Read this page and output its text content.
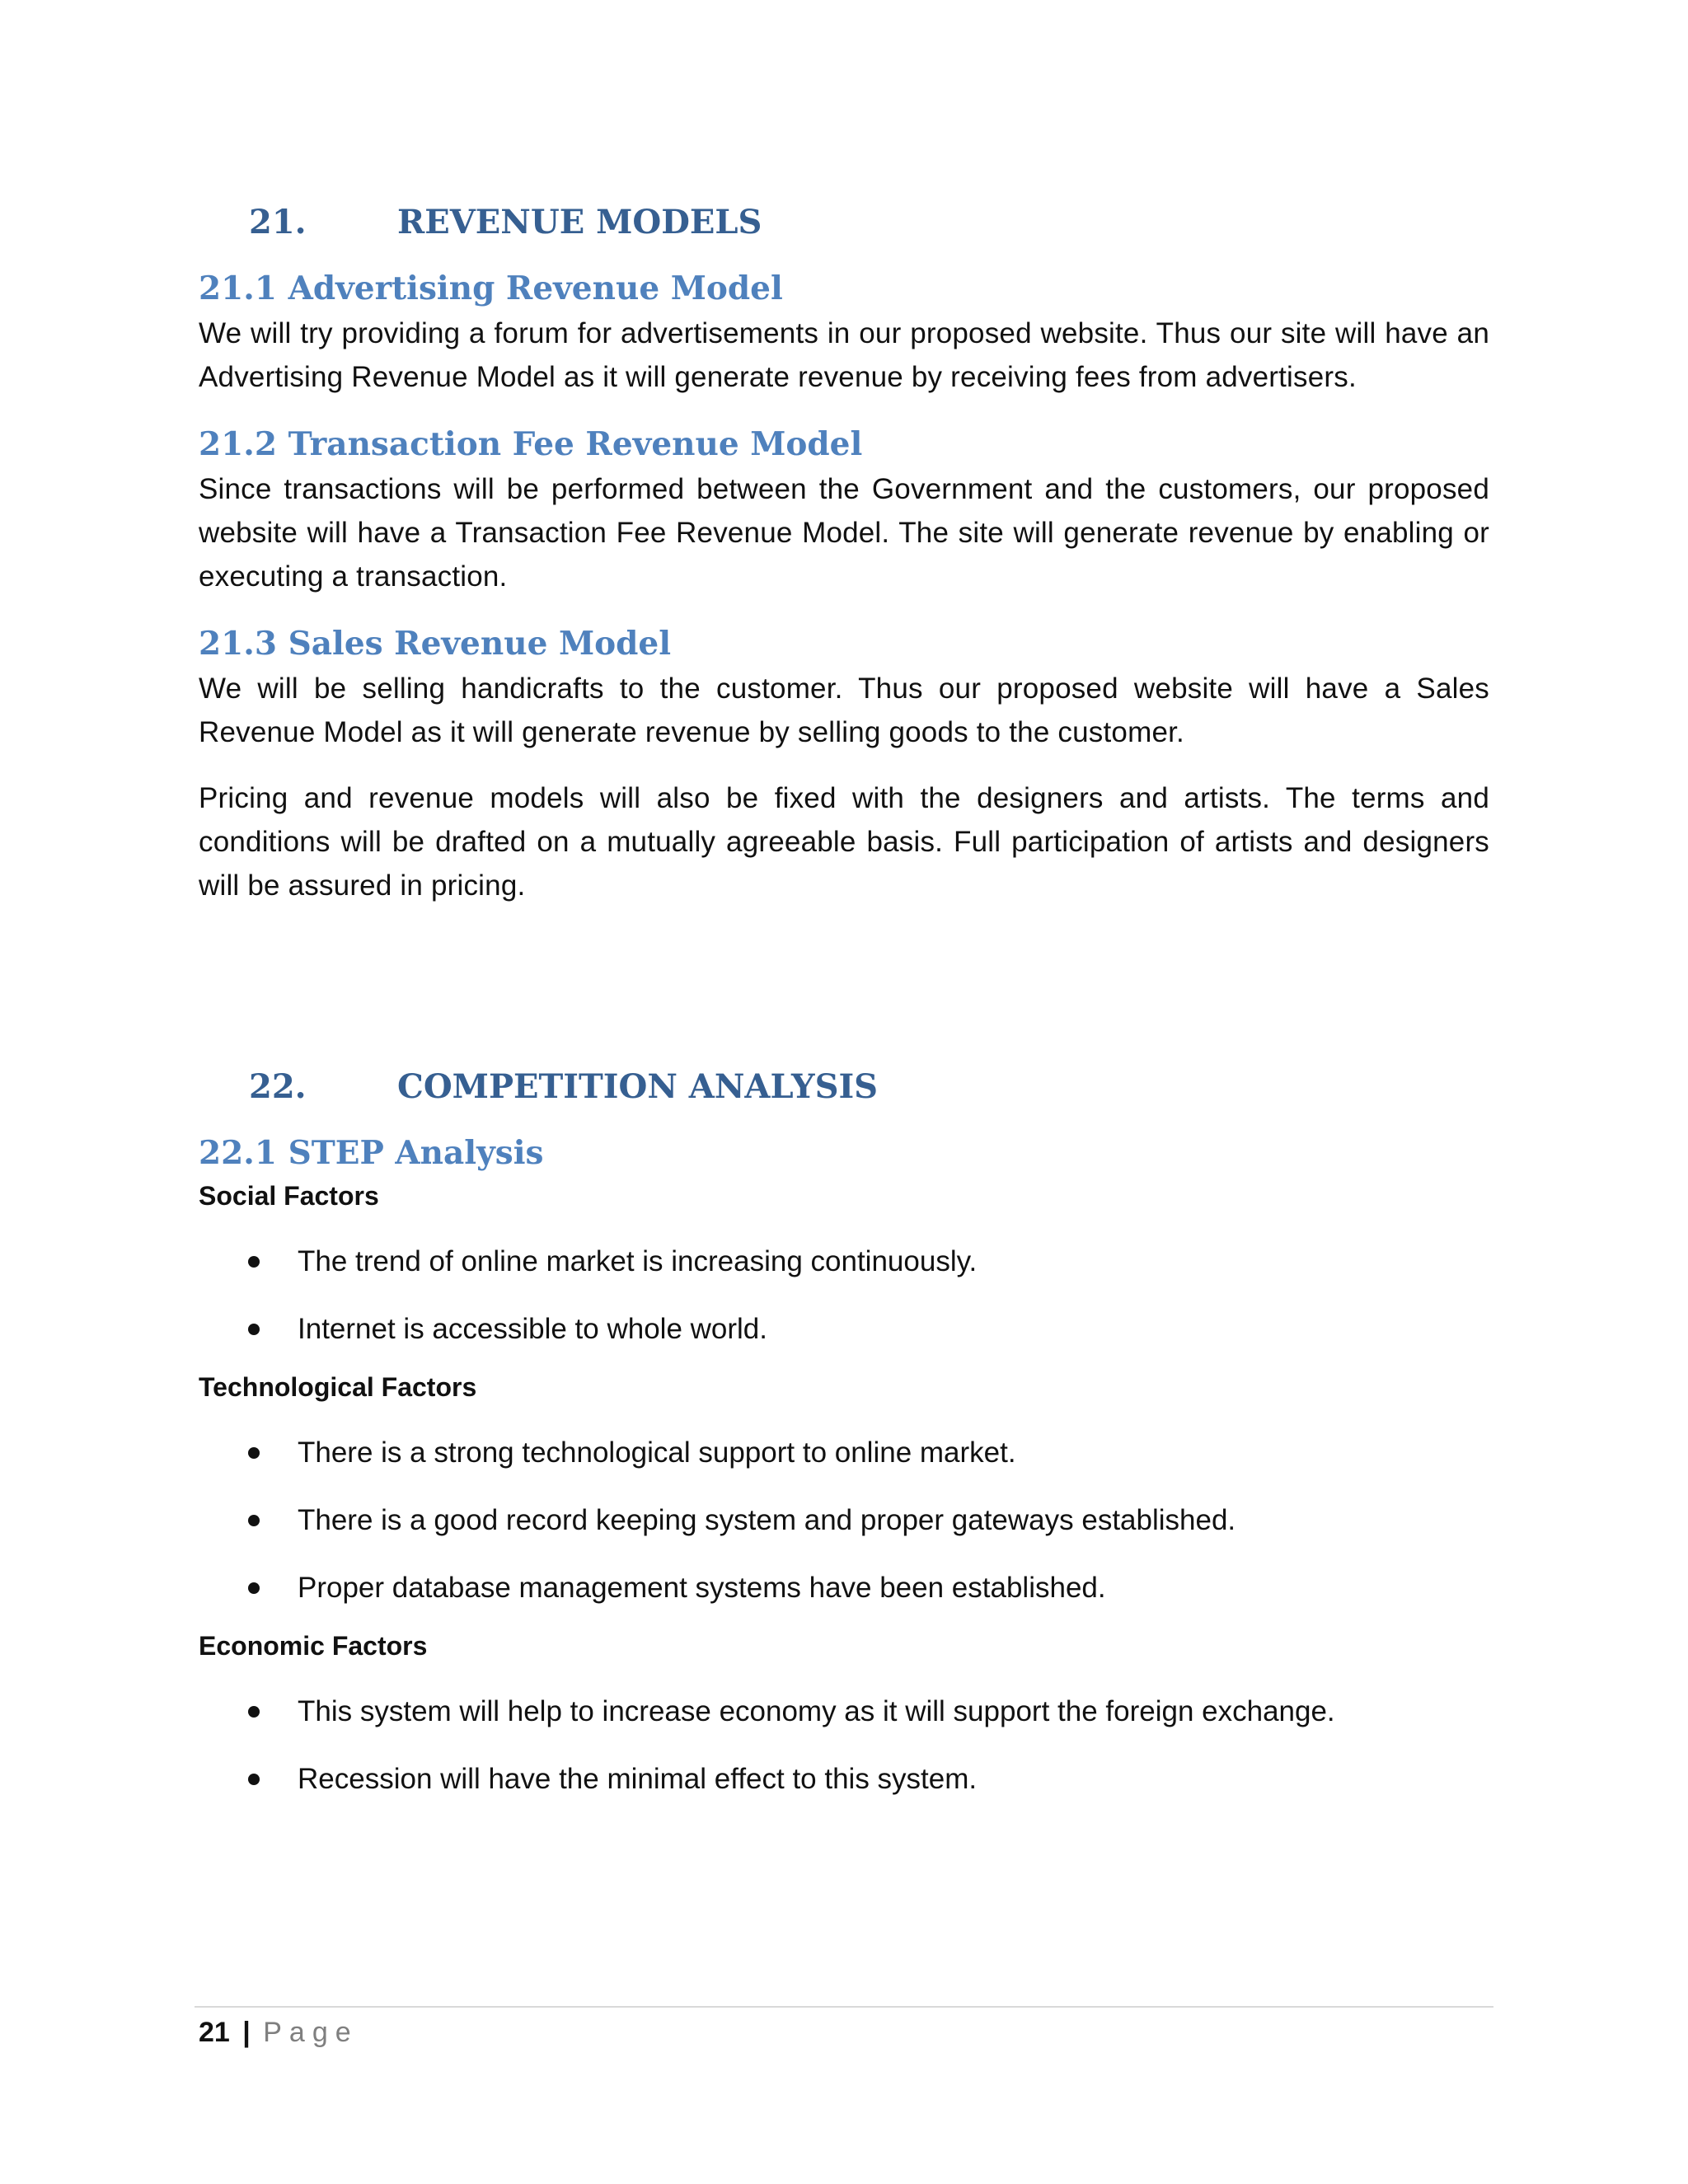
21.	REVENUE MODELS
21.1 Advertising Revenue Model

We will try providing a forum for advertisements in our proposed website. Thus our site will have an Advertising Revenue Model as it will generate revenue by receiving fees from advertisers.

21.2 Transaction Fee Revenue Model

Since transactions will be performed between the Government and the customers, our proposed website will have a Transaction Fee Revenue Model. The site will generate revenue by enabling or executing a transaction.

21.3 Sales Revenue Model

We will be selling handicrafts to the customer. Thus our proposed website will have a Sales Revenue Model as it will generate revenue by selling goods to the customer.

Pricing and revenue models will also be fixed with the designers and artists. The terms and conditions will be drafted on a mutually agreeable basis. Full participation of artists and designers will be assured in pricing.

22.	COMPETITION ANALYSIS
22.1 STEP Analysis
Social Factors
The trend of online market is increasing continuously.
Internet is accessible to whole world.
Technological Factors
There is a strong technological support to online market.
There is a good record keeping system and proper gateways established.
Proper database management systems have been established.
Economic Factors
This system will help to increase economy as it will support the foreign exchange.
Recession will have the minimal effect to this system.
21 | Page
